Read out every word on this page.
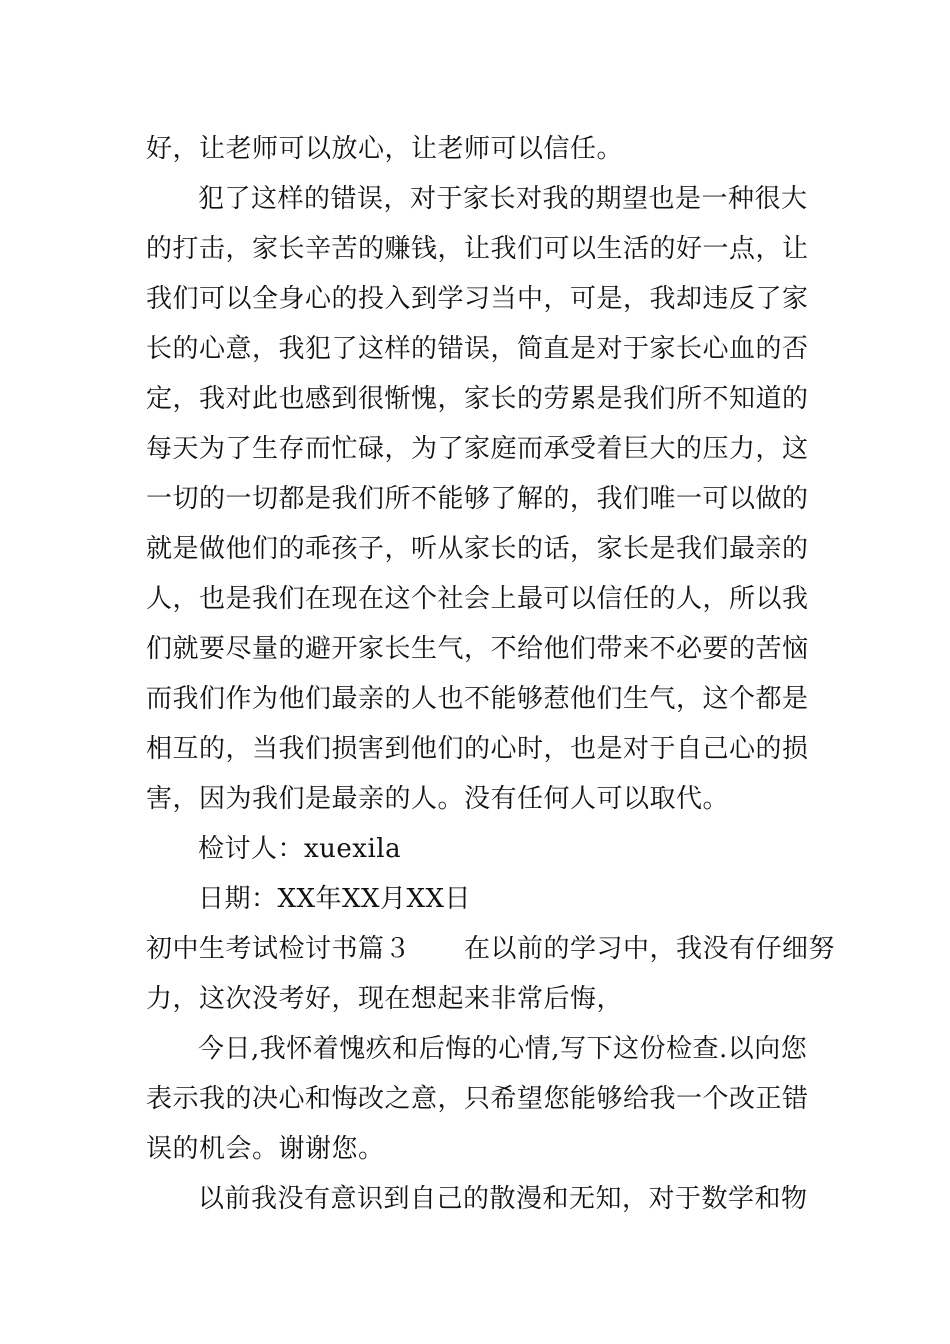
好，让老师可以放心，让老师可以信任。
犯了这样的错误，对于家长对我的期望也是一种很大
的打击，家长辛苦的赚钱，让我们可以生活的好一点，让
我们可以全身心的投入到学习当中，可是，我却违反了家
长的心意，我犯了这样的错误，简直是对于家长心血的否
定，我对此也感到很惭愧，家长的劳累是我们所不知道的
每天为了生存而忙碌，为了家庭而承受着巨大的压力，这
一切的一切都是我们所不能够了解的，我们唯一可以做的
就是做他们的乖孩子，听从家长的话，家长是我们最亲的
人，也是我们在现在这个社会上最可以信任的人，所以我
们就要尽量的避开家长生气，不给他们带来不必要的苦恼
而我们作为他们最亲的人也不能够惹他们生气，这个都是
相互的，当我们损害到他们的心时，也是对于自己心的损
害，因为我们是最亲的人。没有任何人可以取代。
检讨人：xuexila
日期：XX年XX月XX日
初中生考试检讨书篇３　　在以前的学习中，我没有仔细努
力，这次没考好，现在想起来非常后悔，
今日,我怀着愧疚和后悔的心情,写下这份检查.以向您
表示我的决心和悔改之意，只希望您能够给我一个改正错
误的机会。谢谢您。
以前我没有意识到自己的散漫和无知，对于数学和物
